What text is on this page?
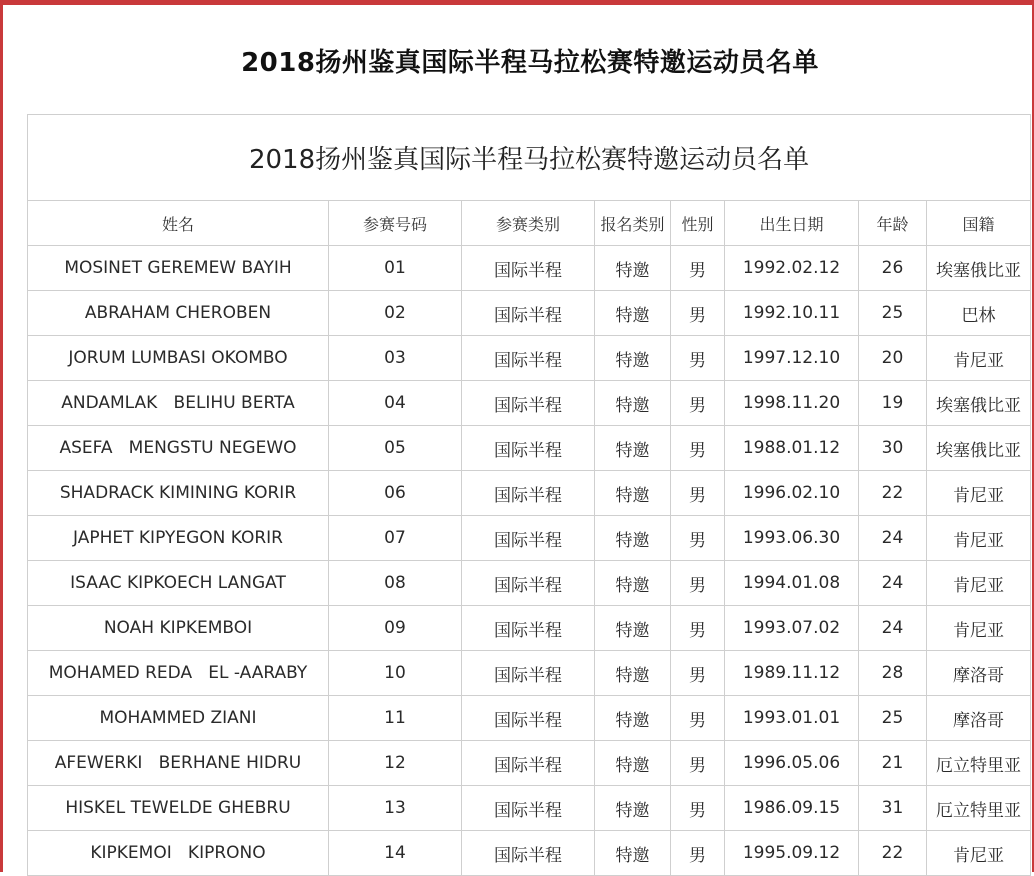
2018扬州鉴真国际半程马拉松赛特邀运动员名单
2018扬州鉴真国际半程马拉松赛特邀运动员名单							
姓名	参赛号码	参赛类别	报名类别	性别	出生日期	年龄	国籍
MOSINET GEREMEW BAYIH	01	国际半程	特邀	男	1992.02.12	26	埃塞俄比亚
ABRAHAM CHEROBEN	02	国际半程	特邀	男	1992.10.11	25	巴林
JORUM LUMBASI OKOMBO	03	国际半程	特邀	男	1997.12.10	20	肯尼亚
ANDAMLAK   BELIHU BERTA	04	国际半程	特邀	男	1998.11.20	19	埃塞俄比亚
ASEFA   MENGSTU NEGEWO	05	国际半程	特邀	男	1988.01.12	30	埃塞俄比亚
SHADRACK KIMINING KORIR	06	国际半程	特邀	男	1996.02.10	22	肯尼亚
JAPHET KIPYEGON KORIR	07	国际半程	特邀	男	1993.06.30	24	肯尼亚
ISAAC KIPKOECH LANGAT	08	国际半程	特邀	男	1994.01.08	24	肯尼亚
NOAH KIPKEMBOI	09	国际半程	特邀	男	1993.07.02	24	肯尼亚
MOHAMED REDA   EL -AARABY	10	国际半程	特邀	男	1989.11.12	28	摩洛哥
MOHAMMED ZIANI	11	国际半程	特邀	男	1993.01.01	25	摩洛哥
AFEWERKI   BERHANE HIDRU	12	国际半程	特邀	男	1996.05.06	21	厄立特里亚
HISKEL TEWELDE GHEBRU	13	国际半程	特邀	男	1986.09.15	31	厄立特里亚
KIPKEMOI   KIPRONO	14	国际半程	特邀	男	1995.09.12	22	肯尼亚
